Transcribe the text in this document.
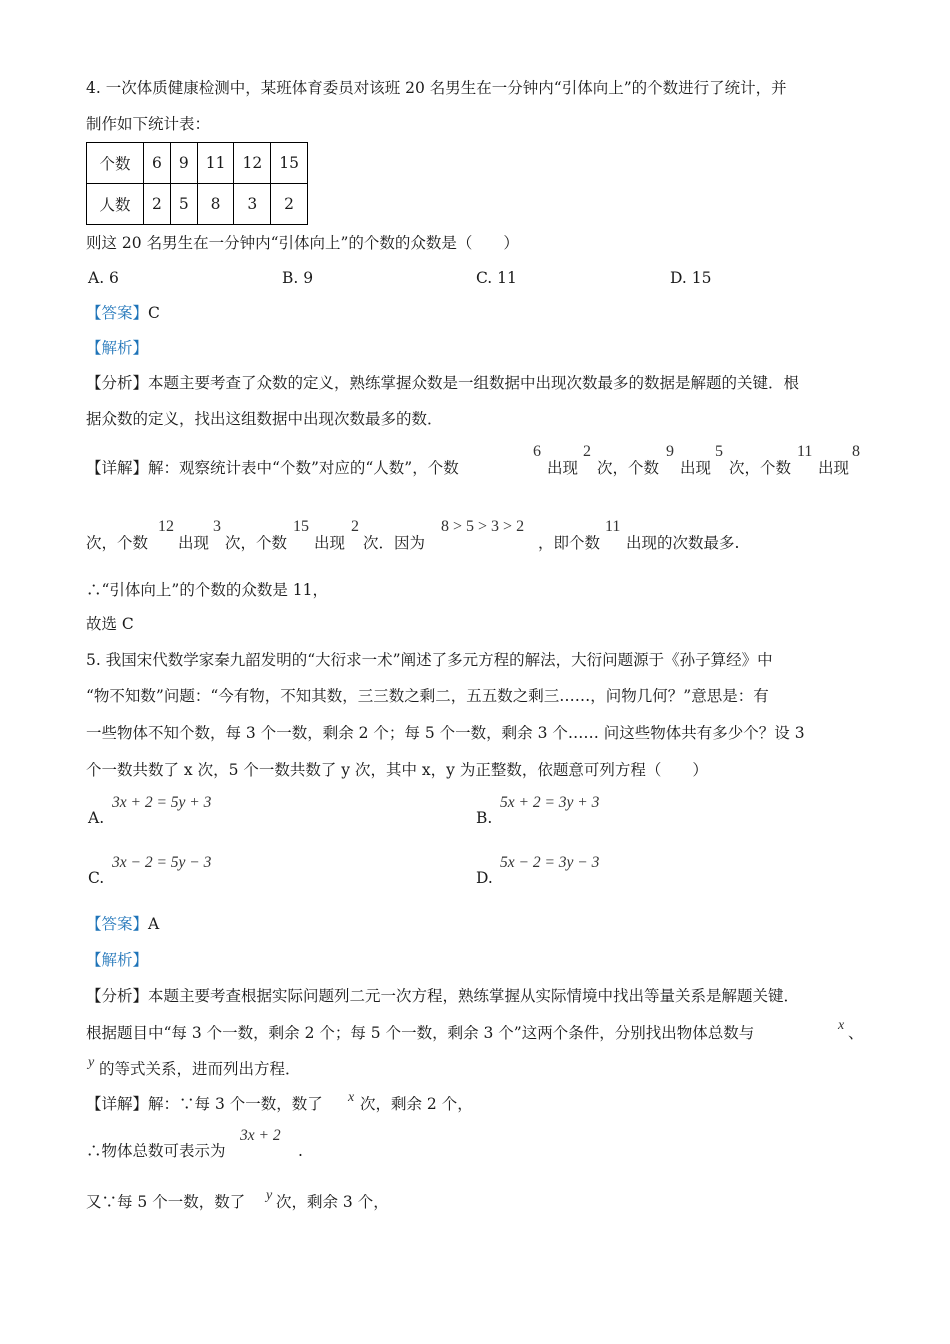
4. 一次体质健康检测中，某班体育委员对该班 20 名男生在一分钟内“引体向上”的个数进行了统计，并
制作如下统计表：
个数	6	9	11	12	15
人数	2	5	8	3	2
则这 20 名男生在一分钟内“引体向上”的个数的众数是（　　）
A. 6	B. 9	C. 11	D. 15
【答案】C
【解析】
【分析】本题主要考查了众数的定义，熟练掌握众数是一组数据中出现次数最多的数据是解题的关键．根
据众数的定义，找出这组数据中出现次数最多的数．
【详解】解：观察统计表中“个数”对应的“人数”，个数
6
出现
2
次，个数
9
出现
5
次，个数
11
出现
8
次，个数
12
出现
3
次，个数
15
出现
2
次．因为
8 > 5 > 3 > 2
，即个数
11
出现的次数最多.
∴“引体向上”的个数的众数是 11，
故选 C
5. 我国宋代数学家秦九韶发明的“大衍求一术”阐述了多元方程的解法，大衍问题源于《孙子算经》中
“物不知数”问题：“今有物，不知其数，三三数之剩二，五五数之剩三……，问物几何？”意思是：有
一些物体不知个数，每 3 个一数，剩余 2 个；每 5 个一数，剩余 3 个…… 问这些物体共有多少个？设 3
个一数共数了 x 次，5 个一数共数了 y 次，其中 x，y 为正整数，依题意可列方程（　　）
A.
3x + 2 = 5y + 3
B.
5x + 2 = 3y + 3
C.
3x − 2 = 5y − 3
D.
5x − 2 = 3y − 3
【答案】A
【解析】
【分析】本题主要考查根据实际问题列二元一次方程，熟练掌握从实际情境中找出等量关系是解题关键．
根据题目中“每 3 个一数，剩余 2 个；每 5 个一数，剩余 3 个”这两个条件，分别找出物体总数与	x 、
y 的等式关系，进而列出方程．
【详解】解：∵每 3 个一数，数了 x 次，剩余 2 个，
∴物体总数可表示为
3x + 2
.
又∵每 5 个一数，数了 y 次，剩余 3 个，
